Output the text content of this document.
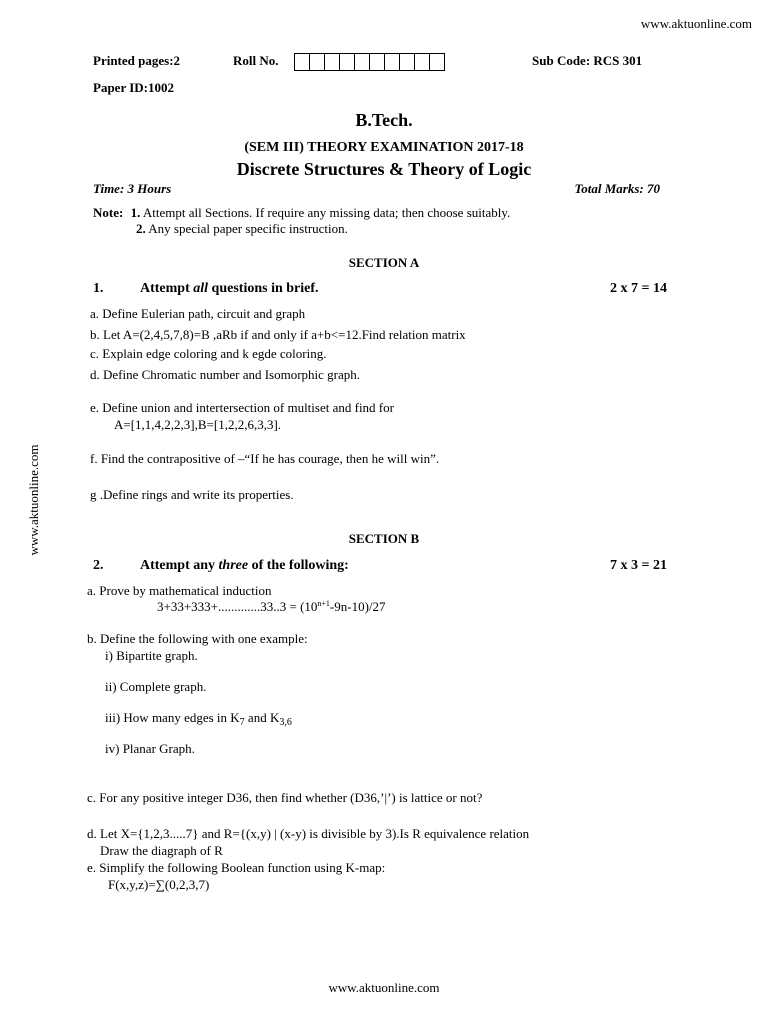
www.aktuonline.com
www.aktuonline.com
Printed pages:2	Roll No.	Sub Code: RCS 301
Paper ID:1002
B.Tech.
(SEM III) THEORY EXAMINATION 2017-18
Discrete Structures & Theory of Logic
Time: 3 Hours	Total Marks: 70
Note: 1. Attempt all Sections. If require any missing data; then choose suitably.
2. Any special paper specific instruction.
SECTION A
1.	Attempt all questions in brief.	2 x 7 = 14
a. Define Eulerian path, circuit and graph
b. Let A=(2,4,5,7,8)=B ,aRb if and only if a+b<=12.Find relation matrix
c. Explain edge coloring and k egde coloring.
d. Define Chromatic number and Isomorphic graph.
e. Define union and intertersection of multiset and find for
A=[1,1,4,2,2,3],B=[1,2,2,6,3,3].
f. Find the contrapositive of –“If he has courage, then he will win”.
g .Define rings and write its properties.
SECTION B
2.	Attempt any three of the following:	7 x 3 = 21
a. Prove by mathematical induction
$3+33+333+.............33..3 = (10^{n+1}-9n-10)/27$
b. Define the following with one example:
i) Bipartite graph.
ii) Complete graph.
iii) How many edges in $K_7$ and $K_{3,6}$
iv) Planar Graph.
c. For any positive integer D36, then find whether (D36,’|’) is lattice or not?
d. Let X={1,2,3.....7} and R={(x,y) | (x-y) is divisible by 3).Is R equivalence relation
Draw the diagraph of R
e. Simplify the following Boolean function using K-map:
F(x,y,z)=∑(0,2,3,7)
www.aktuonline.com
